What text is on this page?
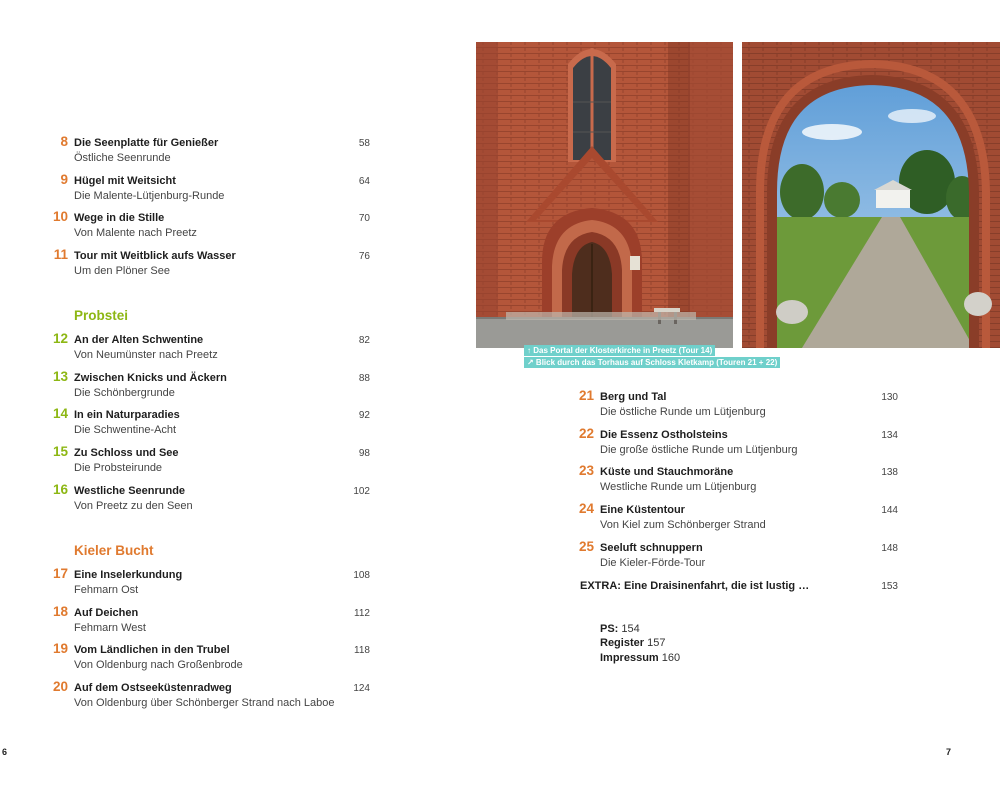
8 Die Seenplatte für Genießer
Östliche Seenrunde
58
9 Hügel mit Weitsicht
Die Malente-Lütjenburg-Runde
64
10 Wege in die Stille
Von Malente nach Preetz
70
11 Tour mit Weitblick aufs Wasser
Um den Plöner See
76
Probstei
12 An der Alten Schwentine
Von Neumünster nach Preetz
82
13 Zwischen Knicks und Äckern
Die Schönbergrunde
88
14 In ein Naturparadies
Die Schwentine-Acht
92
15 Zu Schloss und See
Die Probsteirunde
98
16 Westliche Seenrunde
Von Preetz zu den Seen
102
Kieler Bucht
17 Eine Inselerkundung
Fehmarn Ost
108
18 Auf Deichen
Fehmarn West
112
19 Vom Ländlichen in den Trubel
Von Oldenburg nach Großenbrode
118
20 Auf dem Ostseeküstenradweg
Von Oldenburg über Schönberger Strand nach Laboe
124
6
↑ Das Portal der Klosterkirche in Preetz (Tour 14)
↗ Blick durch das Torhaus auf Schloss Kletkamp (Touren 21 + 22)
21 Berg und Tal
Die östliche Runde um Lütjenburg
130
22 Die Essenz Ostholsteins
Die große östliche Runde um Lütjenburg
134
23 Küste und Stauchmoräne
Westliche Runde um Lütjenburg
138
24 Eine Küstentour
Von Kiel zum Schönberger Strand
144
25 Seeluft schnuppern
Die Kieler-Förde-Tour
148
7
EXTRA: Eine Draisinenfahrt, die ist lustig …	153
PS: 154
Register 157
Impressum 160
